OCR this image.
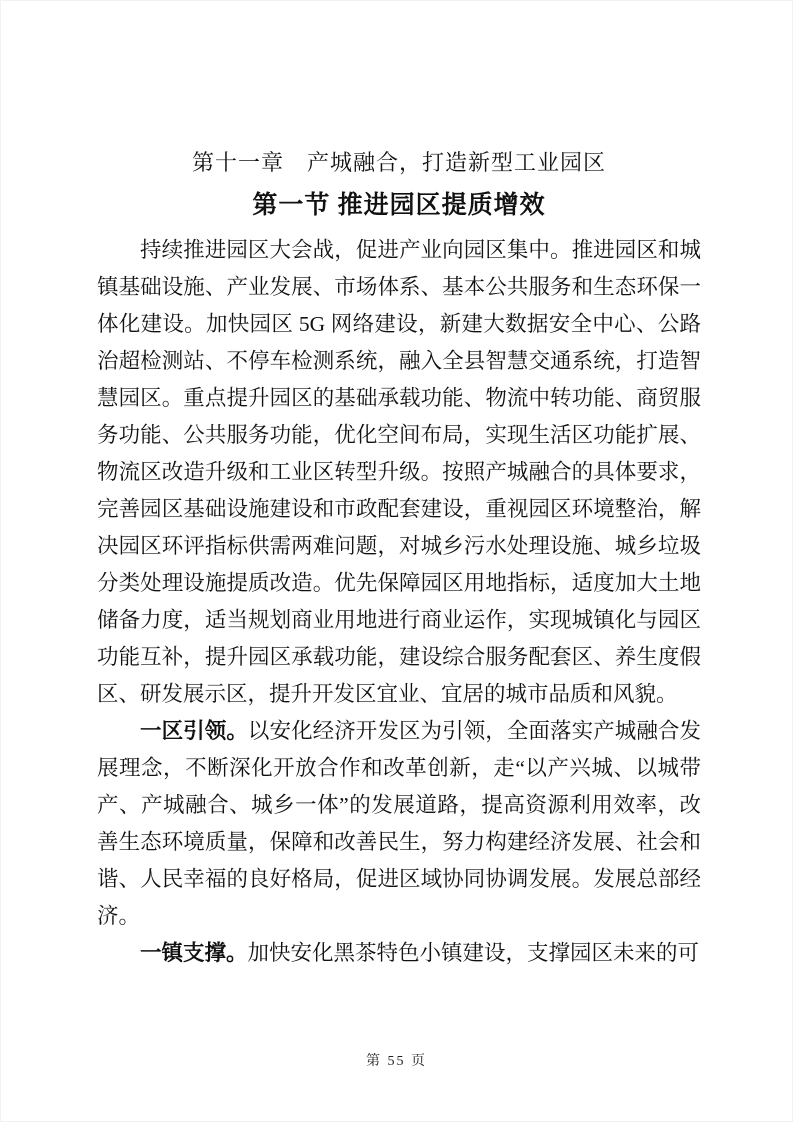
第十一章　产城融合，打造新型工业园区
第一节 推进园区提质增效

持续推进园区大会战，促进产业向园区集中。推进园区和城镇基础设施、产业发展、市场体系、基本公共服务和生态环保一体化建设。加快园区 5G 网络建设，新建大数据安全中心、公路治超检测站、不停车检测系统，融入全县智慧交通系统，打造智慧园区。重点提升园区的基础承载功能、物流中转功能、商贸服务功能、公共服务功能，优化空间布局，实现生活区功能扩展、物流区改造升级和工业区转型升级。按照产城融合的具体要求，完善园区基础设施建设和市政配套建设，重视园区环境整治，解决园区环评指标供需两难问题，对城乡污水处理设施、城乡垃圾分类处理设施提质改造。优先保障园区用地指标，适度加大土地储备力度，适当规划商业用地进行商业运作，实现城镇化与园区功能互补，提升园区承载功能，建设综合服务配套区、养生度假区、研发展示区，提升开发区宜业、宜居的城市品质和风貌。

一区引领。以安化经济开发区为引领，全面落实产城融合发展理念，不断深化开放合作和改革创新，走“以产兴城、以城带产、产城融合、城乡一体”的发展道路，提高资源利用效率，改善生态环境质量，保障和改善民生，努力构建经济发展、社会和谐、人民幸福的良好格局，促进区域协同协调发展。发展总部经济。

一镇支撑。加快安化黑茶特色小镇建设，支撑园区未来的可

第 55 页
